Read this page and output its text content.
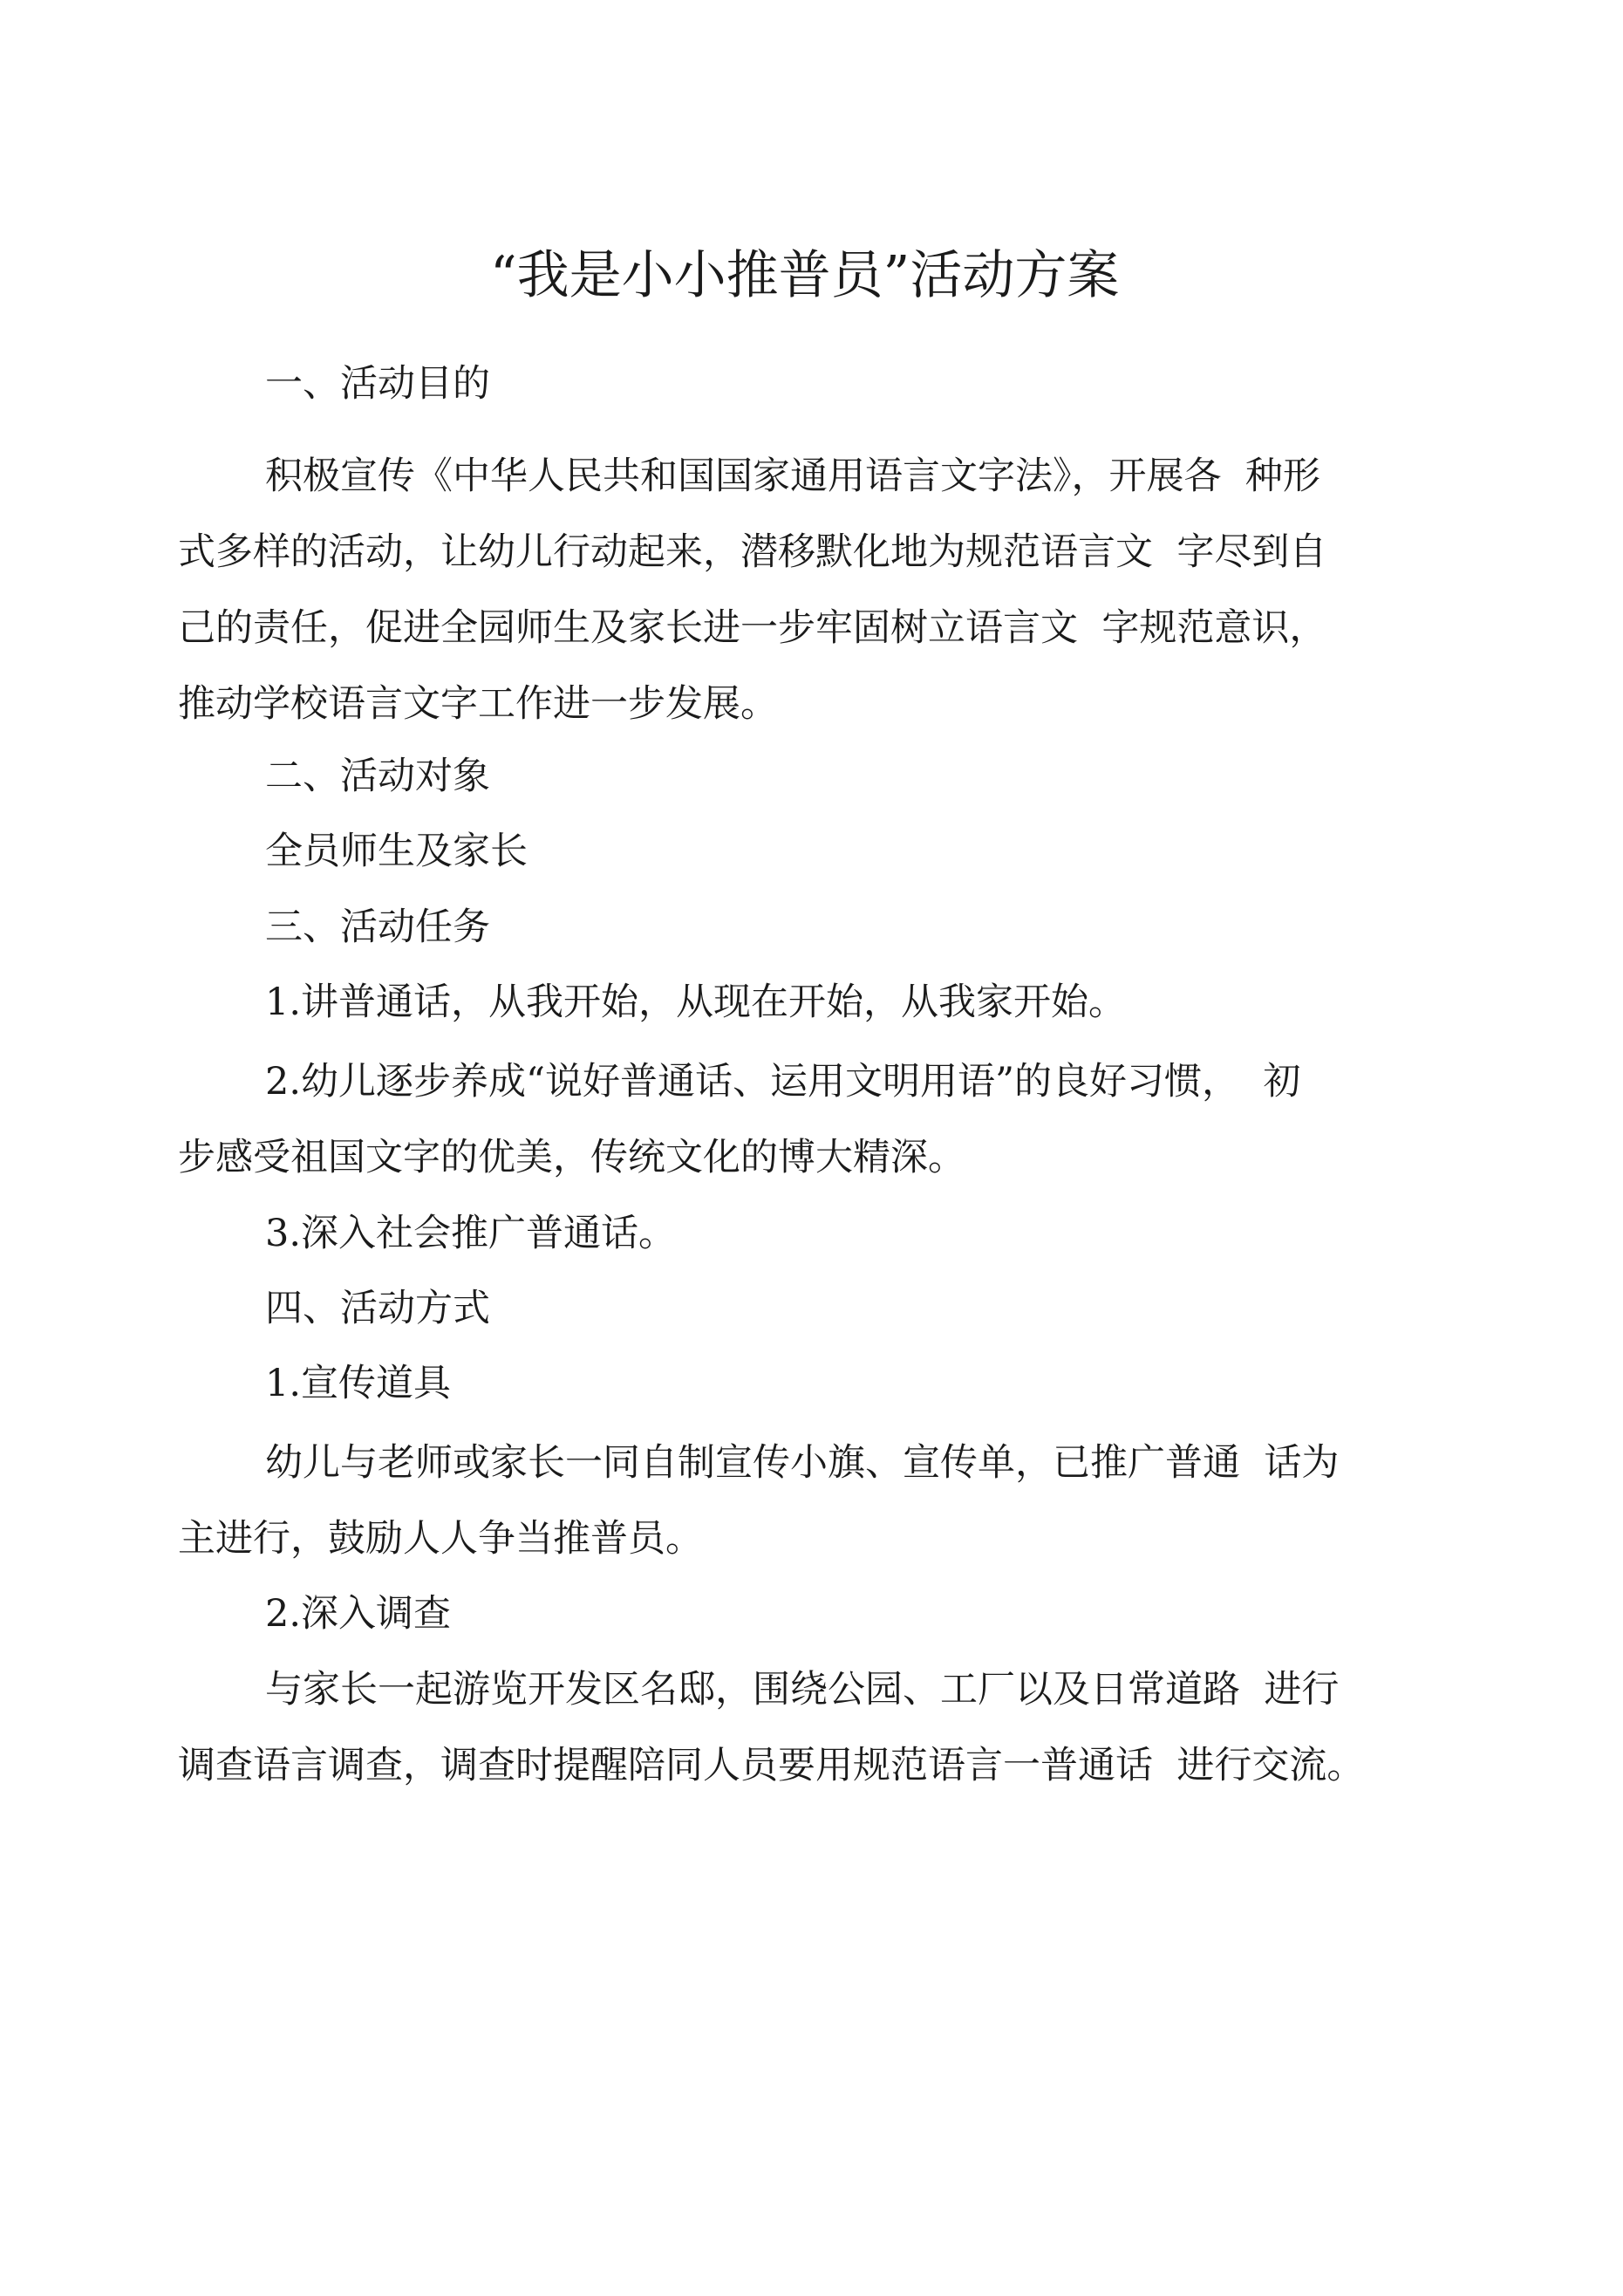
“我是小小推普员”活动方案
一、活动目的
积极宣传《中华人民共和国国家通用语言文字法》，开展各  种形
式多样的活动，让幼儿行动起来，潜移默化地为规范语言文  字尽到自
己的责任，促进全园师生及家长进一步牢固树立语言文  字规范意识，
推动学校语言文字工作进一步发展。
二、活动对象
全员师生及家长
三、活动任务
1.讲普通话，从我开始，从现在开始，从我家开始。
2.幼儿逐步养成“说好普通话、运用文明用语”的良好习惯，  初
步感受祖国文字的优美，传统文化的博大精深。
3.深入社会推广普通话。
四、活动方式
1.宣传道具
幼儿与老师或家长一同自制宣传小旗、宣传单，已推广普通  话为
主进行，鼓励人人争当推普员。
2.深入调查
与家长一起游览开发区名邸，围绕公园、工厂以及日常道路  进行
调查语言调查，调查时提醒陪同人员要用规范语言一普通话  进行交流。
